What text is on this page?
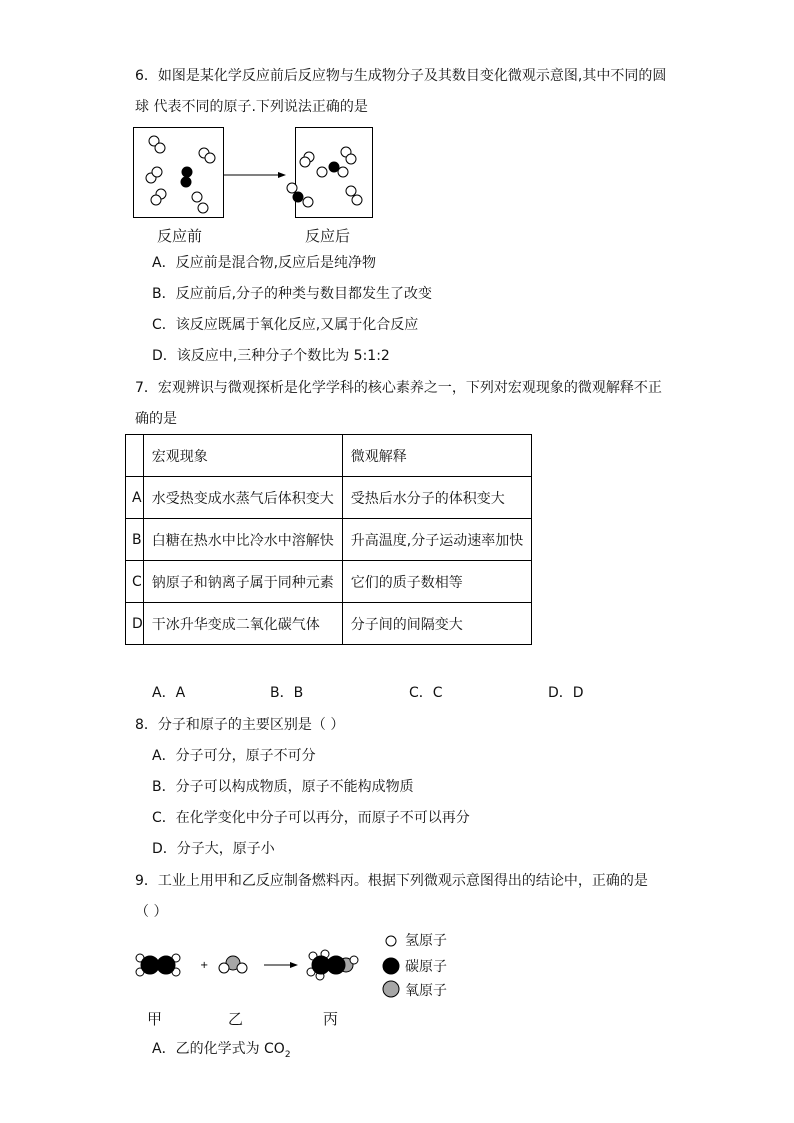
6．如图是某化学反应前后反应物与生成物分子及其数目变化微观示意图,其中不同的圆
球 代表不同的原子.下列说法正确的是
反应前	反应后
A．反应前是混合物,反应后是纯净物
B．反应前后,分子的种类与数目都发生了改变
C．该反应既属于氧化反应,又属于化合反应
D．该反应中,三种分子个数比为 5:1:2
7．宏观辨识与微观探析是化学学科的核心素养之一，下列对宏观现象的微观解释不正
确的是
	宏观现象	微观解释
A	水受热变成水蒸气后体积变大	受热后水分子的体积变大
B	白糖在热水中比冷水中溶解快	升高温度,分子运动速率加快
C	钠原子和钠离子属于同种元素	它们的质子数相等
D	干冰升华变成二氧化碳气体	分子间的间隔变大
A．A	B．B	C．C	D．D
8．分子和原子的主要区别是（ ）
A．分子可分，原子不可分
B．分子可以构成物质，原子不能构成物质
C．在化学变化中分子可以再分，而原子不可以再分
D．分子大，原子小
9．工业上用甲和乙反应制备燃料丙。根据下列微观示意图得出的结论中，正确的是
（ ）
+
氢原子
碳原子
氧原子
甲	乙	丙
A．乙的化学式为 $CO_2$
